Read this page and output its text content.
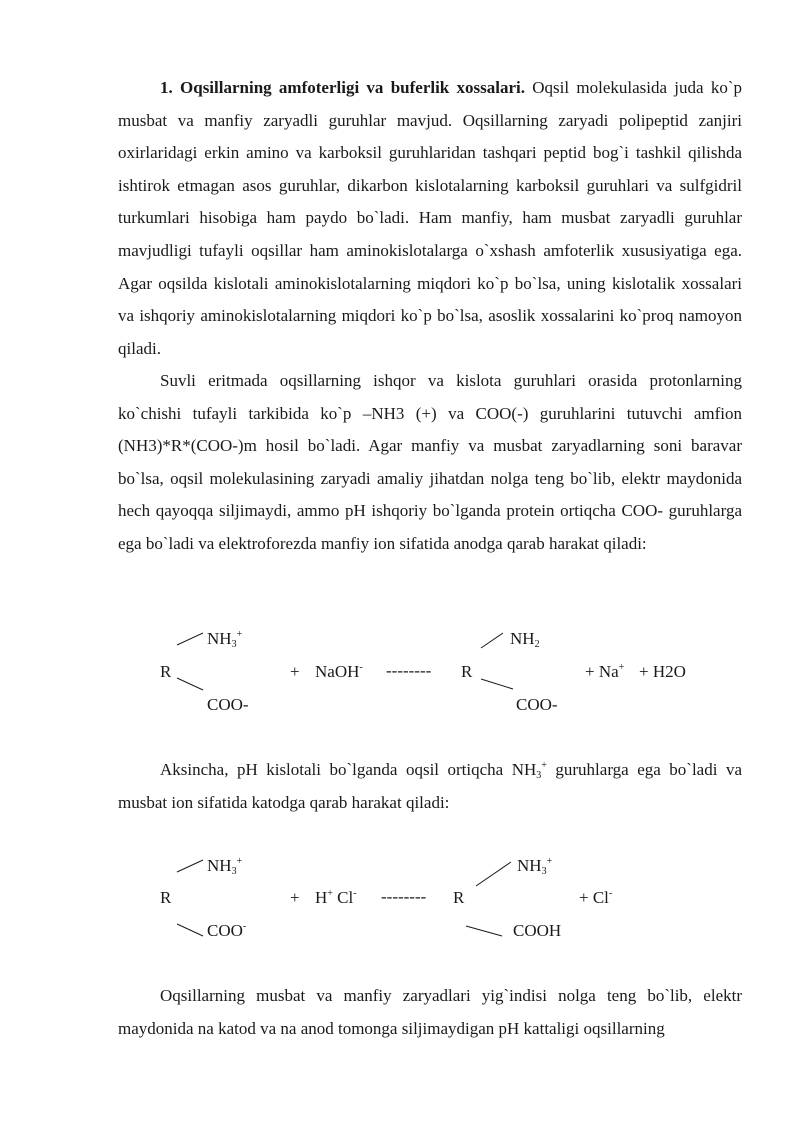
1. Oqsillarning amfoterligi va buferlik xossalari. Oqsil molekulasida juda ko`p musbat va manfiy zaryadli guruhlar mavjud. Oqsillarning zaryadi polipeptid zanjiri oxirlaridagi erkin amino va karboksil guruhlaridan tashqari peptid bog`i tashkil qilishda ishtirok etmagan asos guruhlar, dikarbon kislotalarning karboksil guruhlari va sulfgidril turkumlari hisobiga ham paydo bo`ladi. Ham manfiy, ham musbat zaryadli guruhlar mavjudligi tufayli oqsillar ham aminokislotalarga o`xshash amfoterlik xususiyatiga ega. Agar oqsilda kislotali aminokislotalarning miqdori ko`p bo`lsa, uning kislotalik xossalari va ishqoriy aminokislotalarning miqdori ko`p bo`lsa, asoslik xossalarini ko`proq namoyon qiladi.

Suvli eritmada oqsillarning ishqor va kislota guruhlari orasida protonlarning ko`chishi tufayli tarkibida ko`p –NH3 (+) va COO(-) guruhlarini tutuvchi amfion (NH3)*R*(COO-)m hosil bo`ladi. Agar manfiy va musbat zaryadlarning soni baravar bo`lsa, oqsil molekulasining zaryadi amaliy jihatdan nolga teng bo`lib, elektr maydonida hech qayoqqa siljimaydi, ammo pH ishqoriy bo`lganda protein ortiqcha COO- guruhlarga ega bo`ladi va elektroforezda manfiy ion sifatida anodga qarab harakat qiladi:

$NH_3^+$
R
COO-
+ NaOH- --------
$NH_2$
R
COO-
+ Na+ + H2O

Aksincha, pH kislotali bo`lganda oqsil ortiqcha $NH_3^+$ guruhlarga ega bo`ladi va musbat ion sifatida katodga qarab harakat qiladi:

$NH_3^+$
R
COO-
+ H+ Cl- --------
$NH_3^+$
R
COOH
+ Cl-

Oqsillarning musbat va manfiy zaryadlari yig`indisi nolga teng bo`lib, elektr maydonida na katod va na anod tomonga siljimaydigan pH kattaligi oqsillarning
